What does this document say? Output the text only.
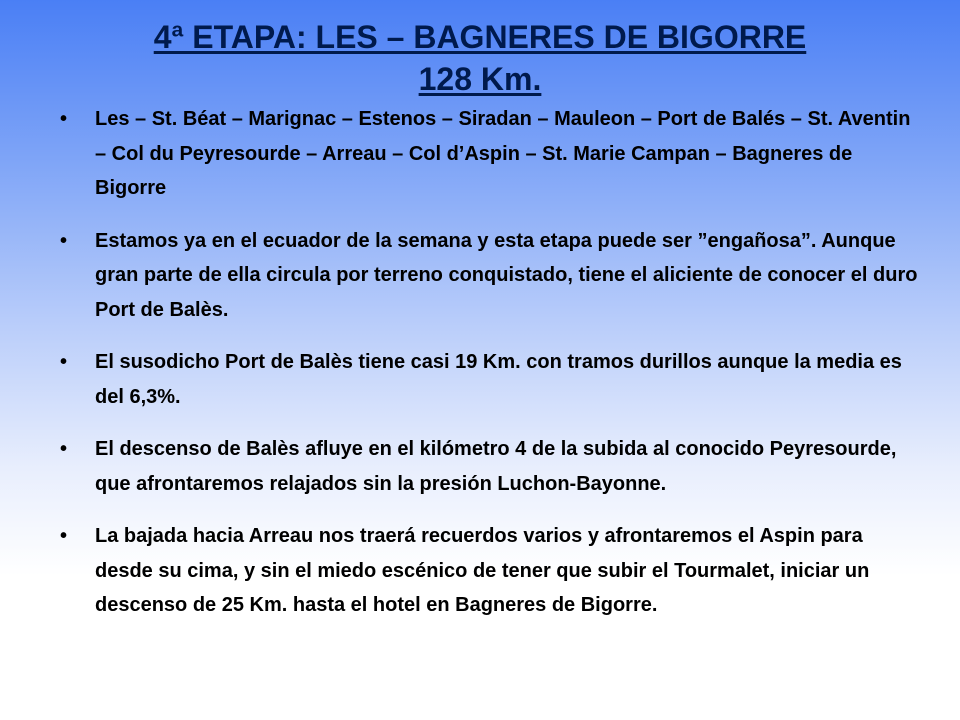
4ª ETAPA: LES – BAGNERES DE BIGORRE
128 Km.
• Les – St. Béat – Marignac – Estenos – Siradan – Mauleon – Port de Balés – St. Aventin – Col du Peyresourde – Arreau – Col d’Aspin – St. Marie Campan – Bagneres de Bigorre
• Estamos ya en el ecuador de la semana y esta etapa puede ser ”engañosa”. Aunque gran parte de ella circula por terreno conquistado, tiene el aliciente de conocer el duro Port de Balès.
• El susodicho Port de Balès tiene casi 19 Km. con tramos durillos aunque la media es del 6,3%.
• El descenso de Balès afluye en el kilómetro 4 de la subida al conocido Peyresourde, que afrontaremos relajados sin la presión Luchon-Bayonne.
• La bajada hacia Arreau nos traerá recuerdos varios y afrontaremos el Aspin para desde su cima, y sin el miedo escénico de tener que subir el Tourmalet, iniciar un descenso de 25 Km. hasta el hotel en Bagneres de Bigorre.
